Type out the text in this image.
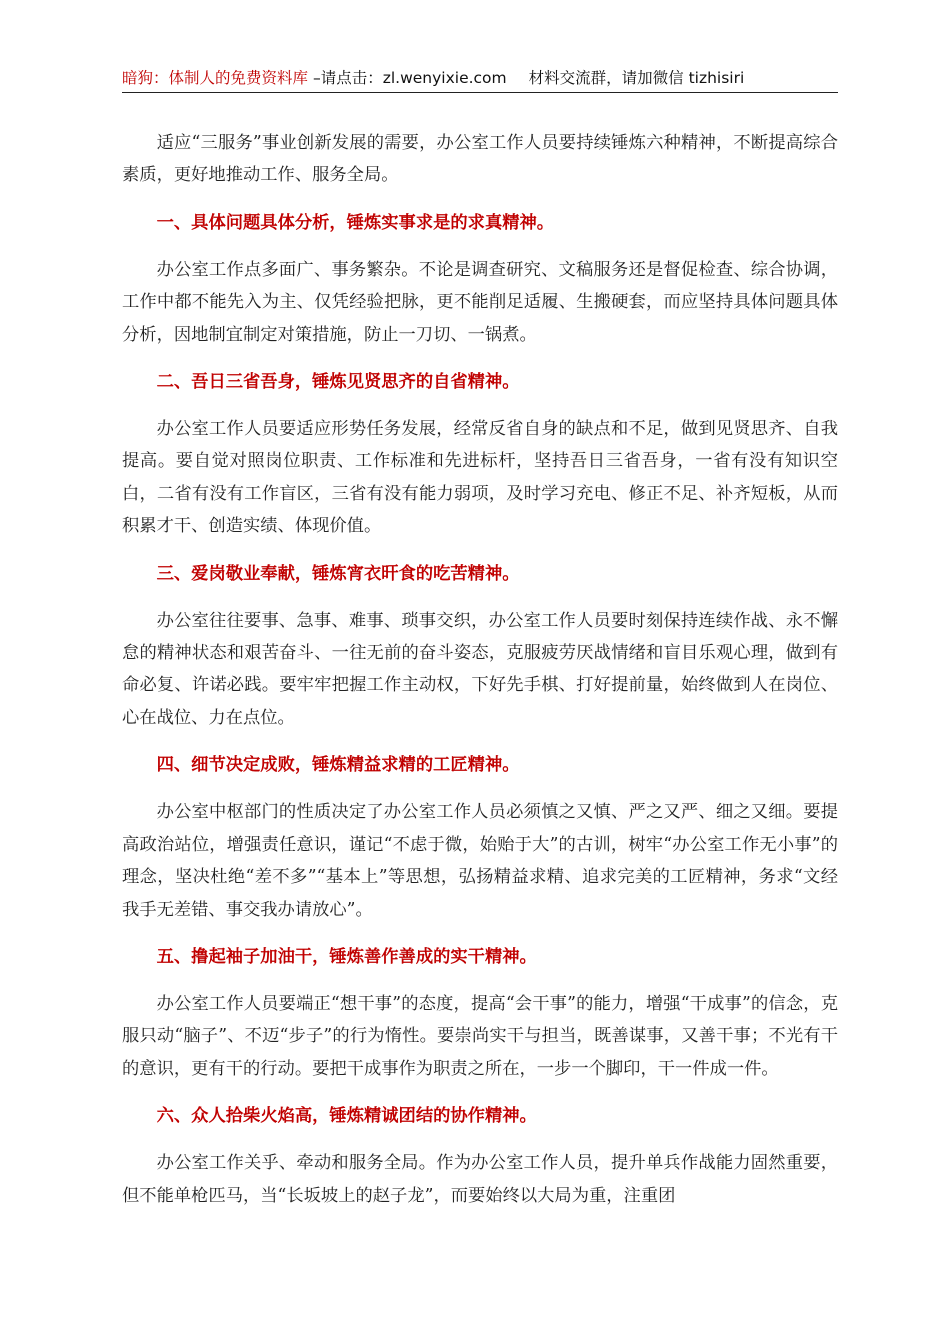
暗狗：体制人的免费资料库 –请点击：zl.wenyixie.com 材料交流群，请加微信 tizhisiri

适应“三服务”事业创新发展的需要，办公室工作人员要持续锤炼六种精神，不断提高综合素质，更好地推动工作、服务全局。

一、具体问题具体分析，锤炼实事求是的求真精神。

办公室工作点多面广、事务繁杂。不论是调查研究、文稿服务还是督促检查、综合协调，工作中都不能先入为主、仅凭经验把脉，更不能削足适履、生搬硬套，而应坚持具体问题具体分析，因地制宜制定对策措施，防止一刀切、一锅煮。

二、吾日三省吾身，锤炼见贤思齐的自省精神。

办公室工作人员要适应形势任务发展，经常反省自身的缺点和不足，做到见贤思齐、自我提高。要自觉对照岗位职责、工作标准和先进标杆，坚持吾日三省吾身，一省有没有知识空白，二省有没有工作盲区，三省有没有能力弱项，及时学习充电、修正不足、补齐短板，从而积累才干、创造实绩、体现价值。

三、爱岗敬业奉献，锤炼宵衣旰食的吃苦精神。

办公室往往要事、急事、难事、琐事交织，办公室工作人员要时刻保持连续作战、永不懈怠的精神状态和艰苦奋斗、一往无前的奋斗姿态，克服疲劳厌战情绪和盲目乐观心理，做到有命必复、许诺必践。要牢牢把握工作主动权，下好先手棋、打好提前量，始终做到人在岗位、心在战位、力在点位。

四、细节决定成败，锤炼精益求精的工匠精神。

办公室中枢部门的性质决定了办公室工作人员必须慎之又慎、严之又严、细之又细。要提高政治站位，增强责任意识，谨记“不虑于微，始贻于大”的古训，树牢“办公室工作无小事”的理念，坚决杜绝“差不多”“基本上”等思想，弘扬精益求精、追求完美的工匠精神，务求“文经我手无差错、事交我办请放心”。

五、撸起袖子加油干，锤炼善作善成的实干精神。

办公室工作人员要端正“想干事”的态度，提高“会干事”的能力，增强“干成事”的信念，克服只动“脑子”、不迈“步子”的行为惰性。要崇尚实干与担当，既善谋事，又善干事；不光有干的意识，更有干的行动。要把干成事作为职责之所在，一步一个脚印，干一件成一件。

六、众人拾柴火焰高，锤炼精诚团结的协作精神。

办公室工作关乎、牵动和服务全局。作为办公室工作人员，提升单兵作战能力固然重要，但不能单枪匹马，当“长坂坡上的赵子龙”，而要始终以大局为重，注重团
